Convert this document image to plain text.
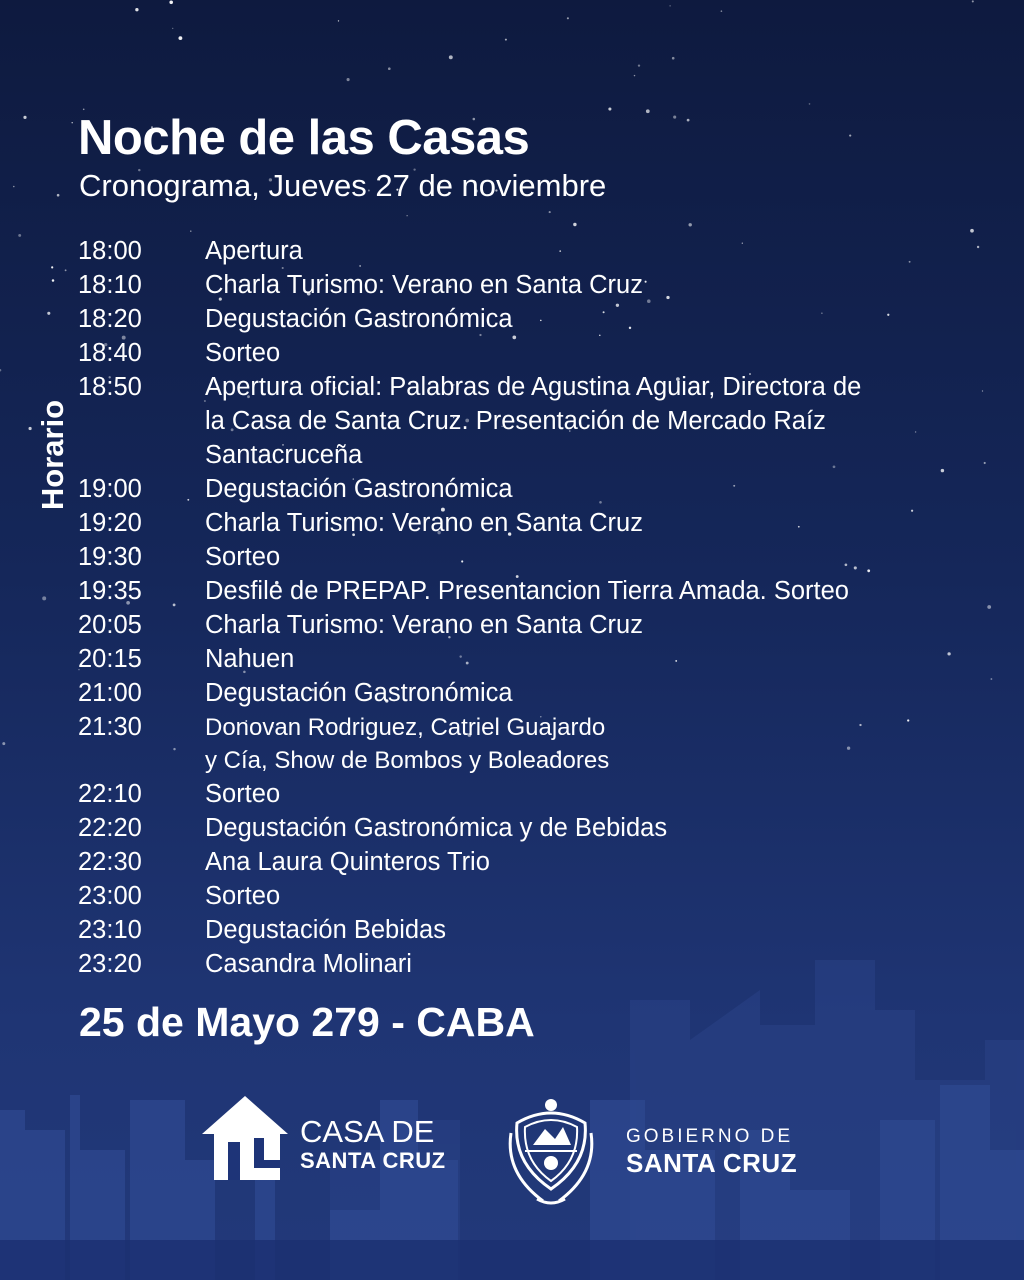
Noche de las Casas
Cronograma, Jueves 27 de noviembre
Horario
18:00	Apertura
18:10	Charla Turismo: Verano en Santa Cruz
18:20	Degustación Gastronómica
18:40	Sorteo
18:50	Apertura oficial: Palabras de Agustina Aguiar, Directora de
la Casa de Santa Cruz. Presentación de Mercado Raíz
Santacruceña
19:00	Degustación Gastronómica
19:20	Charla Turismo: Verano en Santa Cruz
19:30	Sorteo
19:35	Desfile de PREPAP. Presentancion Tierra Amada. Sorteo
20:05	Charla Turismo: Verano en Santa Cruz
20:15	Nahuen
21:00	Degustación Gastronómica
21:30	Donovan Rodriguez, Catriel Guajardo
y Cía, Show de Bombos y Boleadores
22:10	Sorteo
22:20	Degustación Gastronómica y de Bebidas
22:30	Ana Laura Quinteros Trio
23:00	Sorteo
23:10	Degustación Bebidas
23:20	Casandra Molinari
25 de Mayo 279 - CABA
CASA DE
SANTA CRUZ
GOBIERNO DE
SANTA CRUZ
